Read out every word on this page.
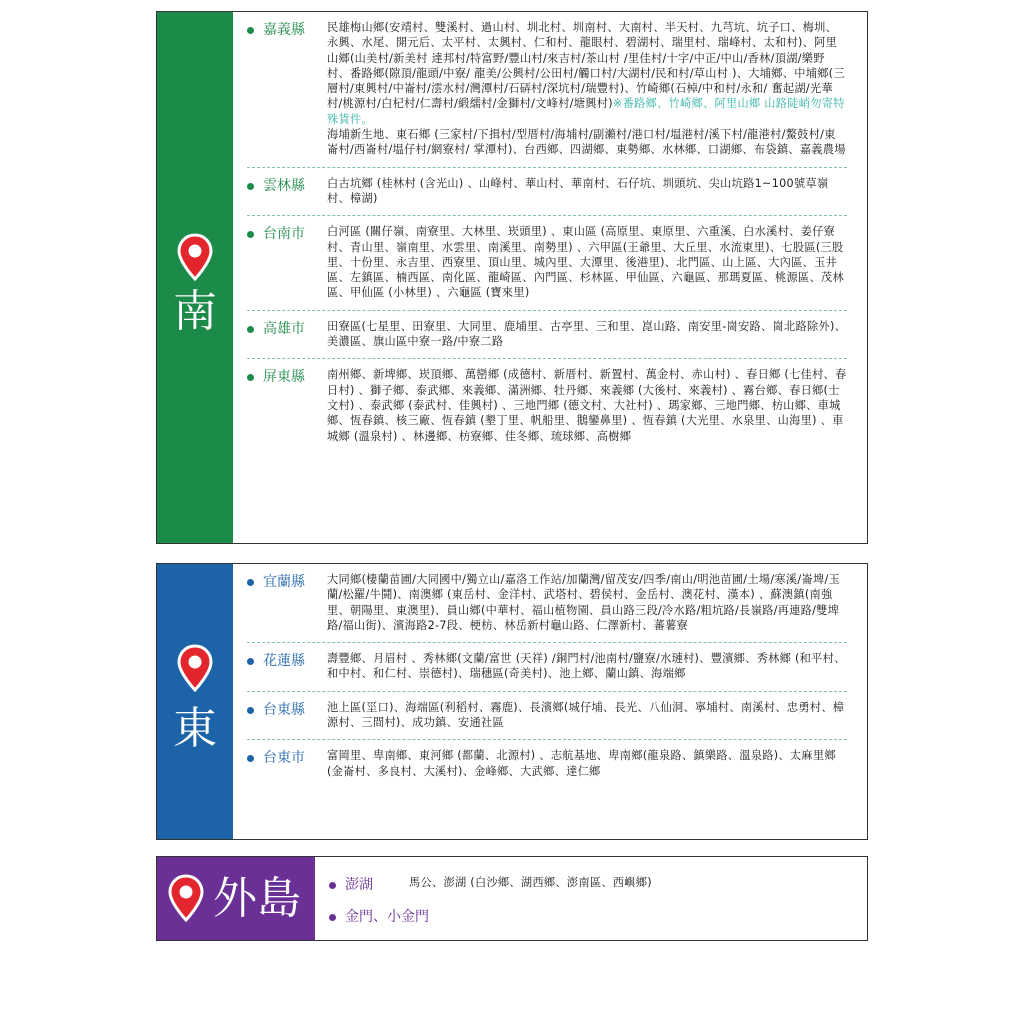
南
嘉義縣	民雄梅山鄉(安靖村、雙溪村、過山村、圳北村、圳南村、大南村、半天村、九芎坑、坑子口、梅圳、永興、水尾、開元后、太平村、太興村、仁和村、龍眼村、碧湖村、瑞里村、瑞峰村、太和村)、阿里山鄉(山美村/新美村 達邦村/特富野/豐山村/來吉村/茶山村 /里佳村/十字/中正/中山/香林/頂湖/樂野村、番路鄉(隙頂/龍頭/中寮/ 龍美/公興村/公田村/觸口村/大湖村/民和村/草山村 )、大埔鄉、中埔鄉(三層村/東興村/中崙村/澐水村/灣潭村/石硦村/深坑村/瑞豐村)、竹崎鄉(石棹/中和村/永和/ 奮起湖/光華村/桃源村/白杞村/仁壽村/緞繻村/金獅村/文峰村/塘興村)※番路鄉、竹崎鄉、阿里山鄉 山路陡峭勿寄特殊貨件。
海埔新生地、東石鄉 (三家村/下揖村/型厝村/海埔村/副瀨村/港口村/塭港村/溪下村/龍港村/鰲鼓村/東崙村/西崙村/塭仔村/網寮村/ 掌潭村)、台西鄉、四湖鄉、東勢鄉、水林鄉、口湖鄉、布袋鎮、嘉義農場
雲林縣	白古坑鄉 (桂林村 (含光山) 、山峰村、華山村、華南村、石仔坑、圳頭坑、尖山坑路1~100號草嶺村、樟湖)
台南市	白河區 (關仔嶺、南寮里、大林里、崁頭里) 、東山區 (高原里、東原里、六重溪、白水溪村、姜仔寮村、青山里、嶺南里、水雲里、南溪里、南勢里) 、六甲區(王爺里、大丘里、水流東里)、七股區(三股里、十份里、永吉里、西寮里、頂山里、城內里、大潭里、後港里)、北門區、山上區、大內區、玉井區、左鎮區、楠西區、南化區、龍崎區、內門區、杉林區、甲仙區、六龜區、那瑪夏區、桃源區、茂林區、甲仙區 (小林里) 、六龜區 (寶來里)
高雄市	田寮區(七星里、田寮里、大同里、鹿埔里、古亭里、三和里、崑山路、南安里-崗安路、崗北路除外)、美濃區、旗山區中寮一路/中寮二路
屏東縣	南州鄉、新埤鄉、崁頂鄉、萬巒鄉 (成德村、新厝村、新置村、萬金村、赤山村) 、春日鄉 (七佳村、春日村) 、獅子鄉、泰武鄉、來義鄉、滿洲鄉、牡丹鄉、來義鄉 (大後村、來義村) 、霧台鄉、春日鄉(士文村) 、泰武鄉 (泰武村、佳興村) 、三地門鄉 (德文村、大社村) 、瑪家鄉、三地門鄉、枋山鄉、車城鄉、恆春鎮、核三廠、恆春鎮 (墾丁里、帆船里、鵝鑾鼻里) 、恆春鎮 (大光里、水泉里、山海里) 、車城鄉 (溫泉村) 、林邊鄉、枋寮鄉、佳冬鄉、琉球鄉、高樹鄉
東
宜蘭縣	大同鄉(棲蘭苗圃/大同國中/獨立山/嘉洛工作站/加蘭灣/留茂安/四季/南山/明池苗圃/土場/寒溪/崙埤/玉蘭/松羅/牛鬪)、南澳鄉 (東岳村、金洋村、武塔村、碧侯村、金岳村、澳花村、漢本) 、蘇澳鎮(南強里、朝陽里、東澳里)、員山鄉(中華村、福山植物園、員山路三段/冷水路/粗坑路/長嶺路/再連路/雙埤路/福山街)、濱海路2-7段、梗枋、林岳新村龜山路、仁澤新村、蕃薯寮
花蓮縣	壽豐鄉、月眉村 、秀林鄉(文蘭/富世 (天祥) /銅門村/池南村/鹽寮/水璉村)、豐濱鄉、秀林鄉 (和平村、和中村、和仁村、崇德村)、瑞穗區(奇美村)、池上鄉、蘭山鎮、海端鄉
台東縣	池上區(坙口)、海端區(利稻村、霧鹿)、長濱鄉(城仔埔、長光、八仙洞、寧埔村、南溪村、忠勇村、樟源村、三間村)、成功鎮、安通社區
台東市	富岡里、卑南鄉、東河鄉 (都蘭、北源村) 、志航基地、卑南鄉(龍泉路、鎮樂路、溫泉路)、太麻里鄉(金崙村、多良村、大溪村)、金峰鄉、大武鄉、達仁鄉
外島	澎湖	馬公、澎湖 (白沙鄉、湖西鄉、澎南區、西嶼鄉)
金門、小金門
